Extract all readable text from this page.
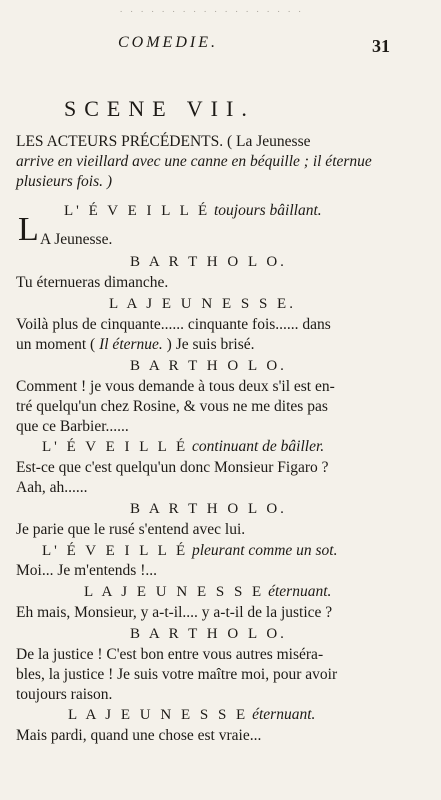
. . . . . . . . . . . . . . . . . .
COMEDIE.	31
SCENE VII.
LES ACTEURS PRÉCÉDENTS. ( La Jeunesse
arrive en vieillard avec une canne en béquille ; il éternue
plusieurs fois. )
L' É V E I L L É toujours bâillant.
A Jeunesse.
B A R T H O L O.
Tu éternueras dimanche.
L A J E U N E S S E.
Voilà plus de cinquante...... cinquante fois...... dans
un moment ( Il éternue. ) Je suis brisé.
B A R T H O L O.
Comment ! je vous demande à tous deux s'il est en-
tré quelqu'un chez Rosine, & vous ne me dites pas
que ce Barbier......
L' É V E I L L É continuant de bâiller.
Est-ce que c'est quelqu'un donc Monsieur Figaro ?
Aah, ah......
B A R T H O L O.
Je parie que le rusé s'entend avec lui.
L' É V E I L L É pleurant comme un sot.
Moi... Je m'entends !...
L A J E U N E S S E éternuant.
Eh mais, Monsieur, y a-t-il.... y a-t-il de la justice ?
B A R T H O L O.
De la justice ! C'est bon entre vous autres miséra-
bles, la justice ! Je suis votre maître moi, pour avoir
toujours raison.
L A J E U N E S S E éternuant.
Mais pardi, quand une chose est vraie...
L
